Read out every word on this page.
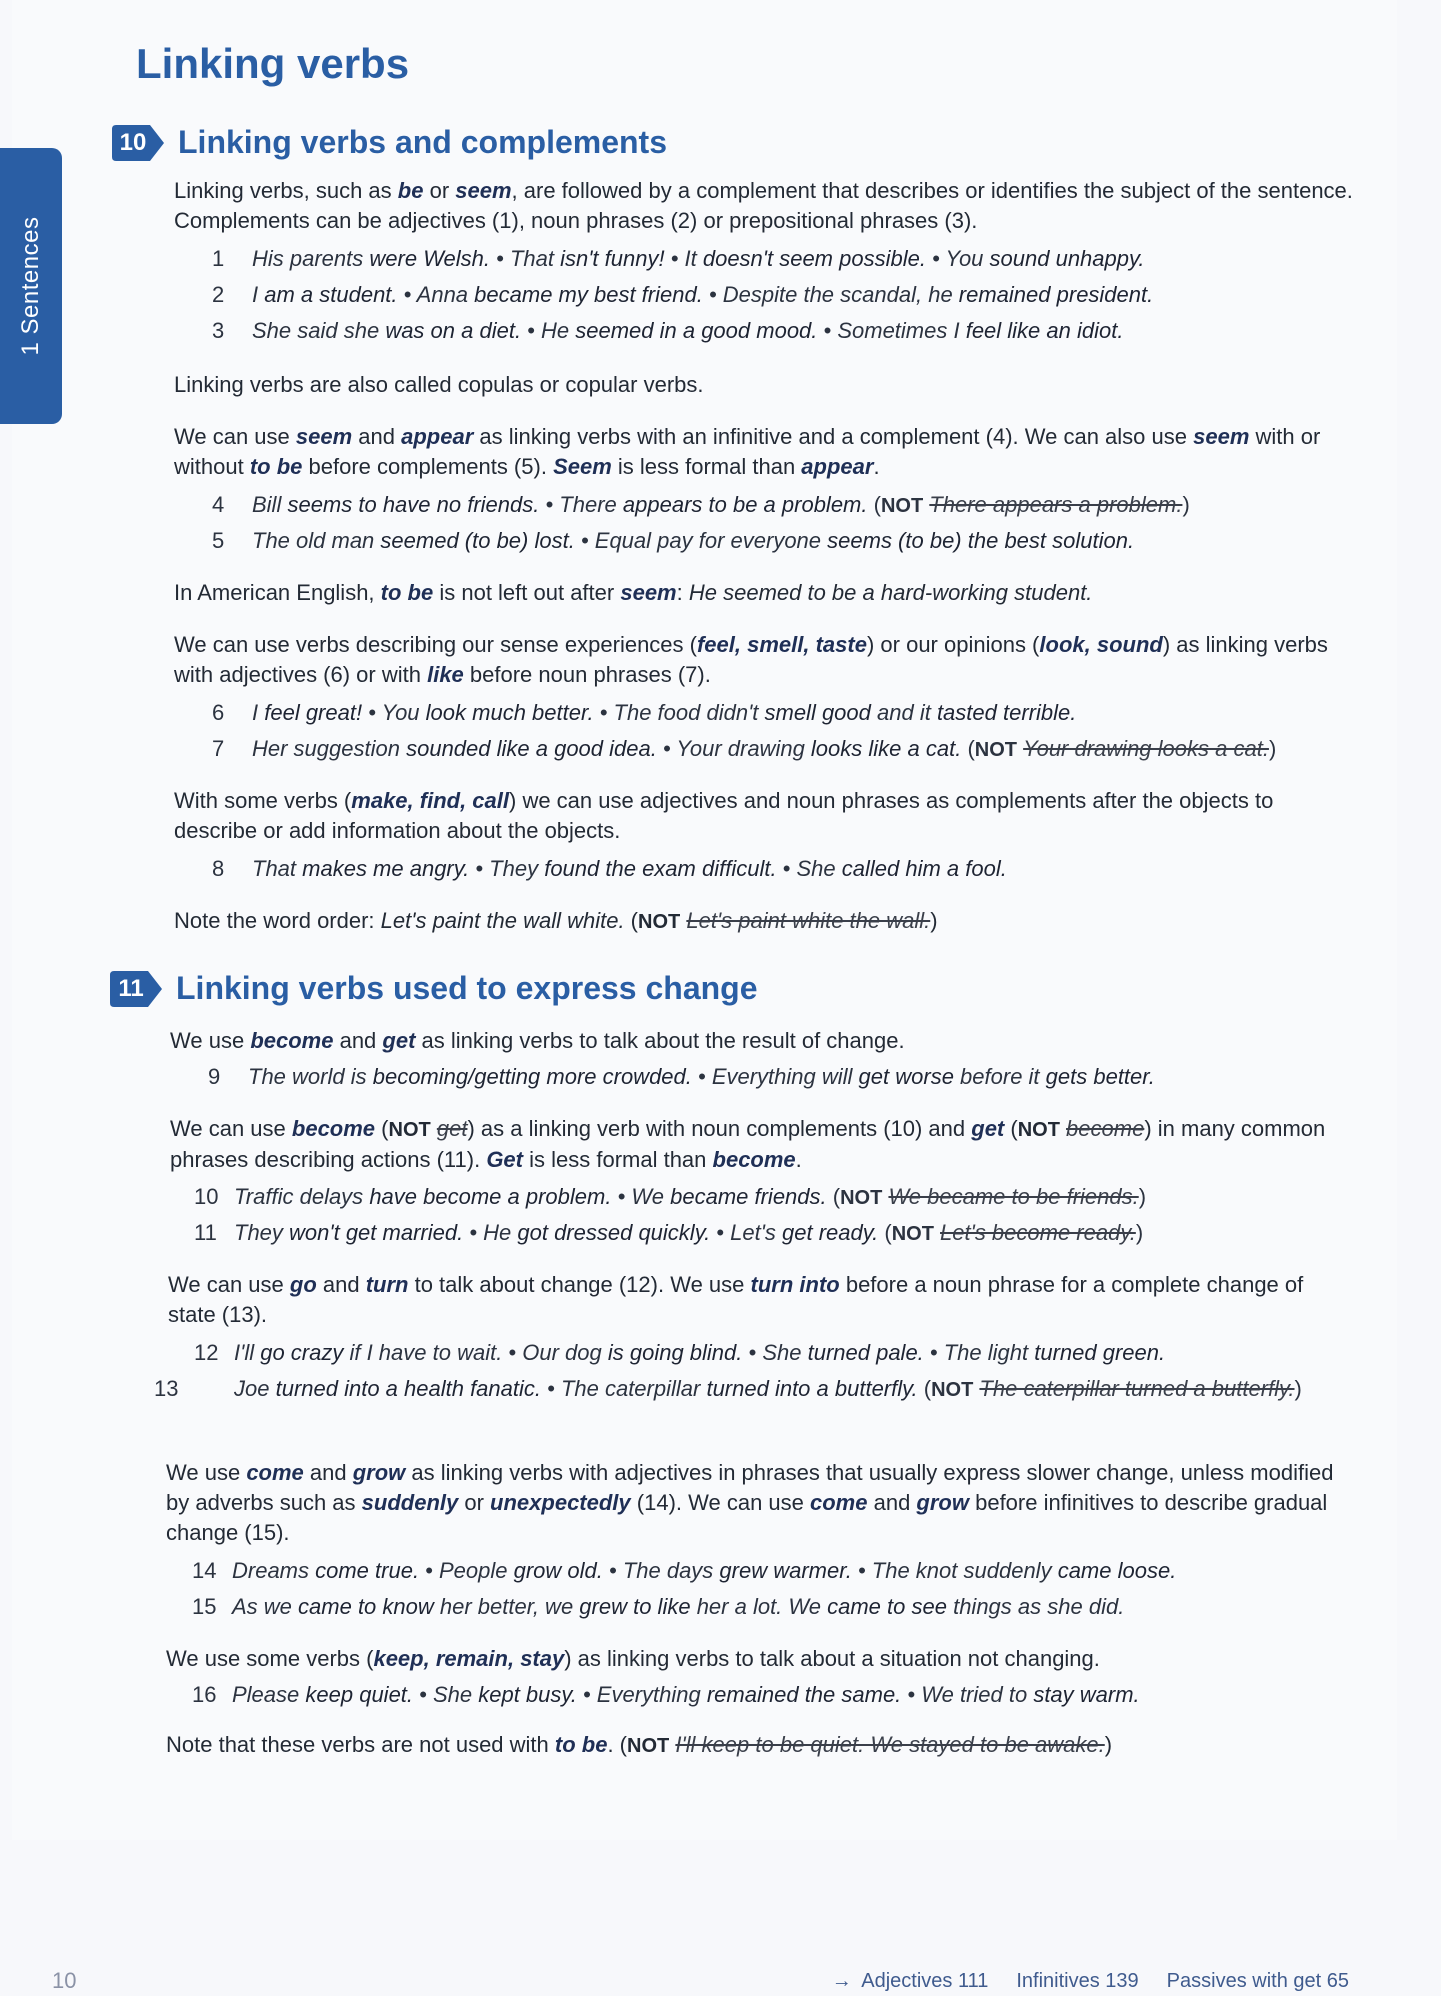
1 Sentences
Linking verbs
10 Linking verbs and complements

Linking verbs, such as be or seem, are followed by a complement that describes or identifies the subject of the sentence. Complements can be adjectives (1), noun phrases (2) or prepositional phrases (3).

1 His parents were Welsh. • That isn't funny! • It doesn't seem possible. • You sound unhappy.

2 I am a student. • Anna became my best friend. • Despite the scandal, he remained president.

3 She said she was on a diet. • He seemed in a good mood. • Sometimes I feel like an idiot.

Linking verbs are also called copulas or copular verbs.

We can use seem and appear as linking verbs with an infinitive and a complement (4). We can also use seem with or without to be before complements (5). Seem is less formal than appear.

4 Bill seems to have no friends. • There appears to be a problem. (NOT There appears a problem.)

5 The old man seemed (to be) lost. • Equal pay for everyone seems (to be) the best solution.

In American English, to be is not left out after seem: He seemed to be a hard-working student.

We can use verbs describing our sense experiences (feel, smell, taste) or our opinions (look, sound) as linking verbs with adjectives (6) or with like before noun phrases (7).

6 I feel great! • You look much better. • The food didn't smell good and it tasted terrible.

7 Her suggestion sounded like a good idea. • Your drawing looks like a cat. (NOT Your drawing looks a cat.)

With some verbs (make, find, call) we can use adjectives and noun phrases as complements after the objects to describe or add information about the objects.

8 That makes me angry. • They found the exam difficult. • She called him a fool.

Note the word order: Let's paint the wall white. (NOT Let's paint white the wall.)

11 Linking verbs used to express change

We use become and get as linking verbs to talk about the result of change.

9 The world is becoming/getting more crowded. • Everything will get worse before it gets better.

We can use become (NOT get) as a linking verb with noun complements (10) and get (NOT become) in many common phrases describing actions (11). Get is less formal than become.

10 Traffic delays have become a problem. • We became friends. (NOT We became to be friends.)

11 They won't get married. • He got dressed quickly. • Let's get ready. (NOT Let's become ready.)

We can use go and turn to talk about change (12). We use turn into before a noun phrase for a complete change of state (13).

12 I'll go crazy if I have to wait. • Our dog is going blind. • She turned pale. • The light turned green.

13	Joe turned into a health fanatic. • The caterpillar turned into a butterfly. (NOT The caterpillar turned a butterfly.)

We use come and grow as linking verbs with adjectives in phrases that usually express slower change, unless modified by adverbs such as suddenly or unexpectedly (14). We can use come and grow before infinitives to describe gradual change (15).

14 Dreams come true. • People grow old. • The days grew warmer. • The knot suddenly came loose.

15 As we came to know her better, we grew to like her a lot. We came to see things as she did.

We use some verbs (keep, remain, stay) as linking verbs to talk about a situation not changing.

16 Please keep quiet. • She kept busy. • Everything remained the same. • We tried to stay warm.

Note that these verbs are not used with to be. (NOT I'll keep to be quiet. We stayed to be awake.)

10	→ Adjectives 111 Infinitives 139 Passives with get 65
